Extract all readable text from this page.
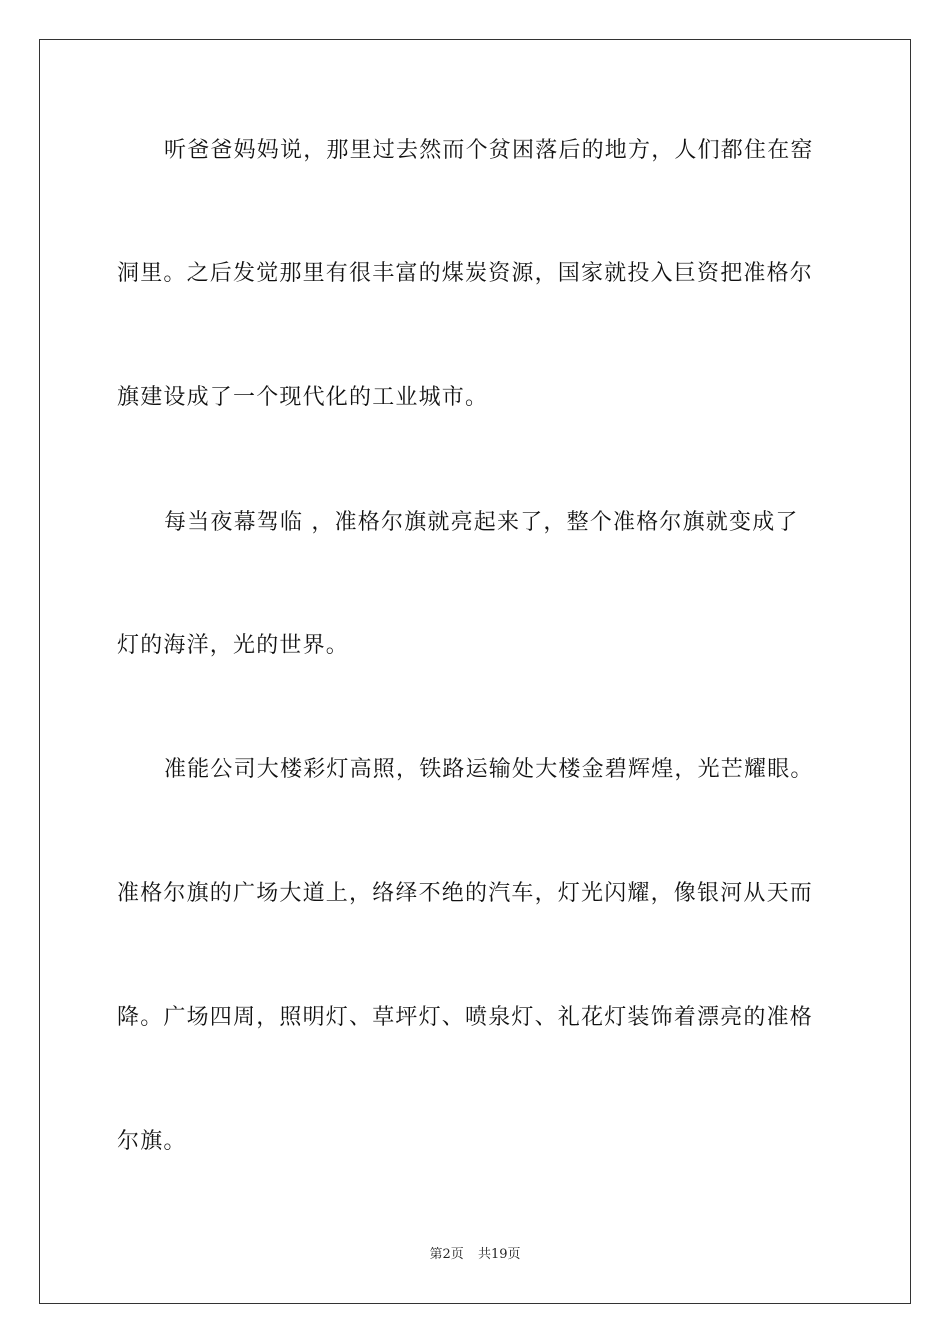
听爸爸妈妈说，那里过去然而个贫困落后的地方，人们都住在窑
洞里。之后发觉那里有很丰富的煤炭资源，国家就投入巨资把准格尔
旗建设成了一个现代化的工业城市。
每当夜幕驾临 ，准格尔旗就亮起来了，整个准格尔旗就变成了
灯的海洋，光的世界。
准能公司大楼彩灯高照，铁路运输处大楼金碧辉煌，光芒耀眼。
准格尔旗的广场大道上，络绎不绝的汽车，灯光闪耀，像银河从天而
降。广场四周，照明灯、草坪灯、喷泉灯、礼花灯装饰着漂亮的准格
尔旗。
第2页 共19页
